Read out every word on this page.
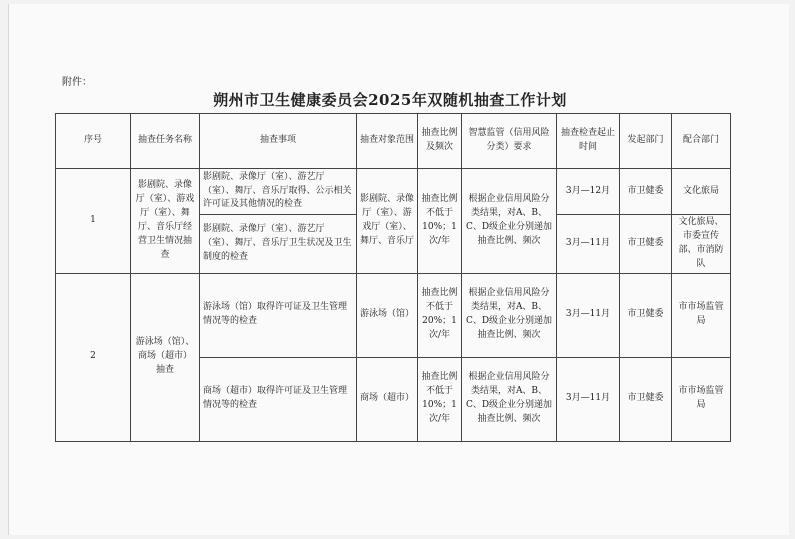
附件：
朔州市卫生健康委员会2025年双随机抽查工作计划
序号	抽查任务名称	抽查事项	抽查对象范围	抽查比例及频次	智慧监管（信用风险分类）要求	抽查检查起止时间	发起部门	配合部门
1	影剧院、录像厅（室）、游戏厅（室）、舞厅、音乐厅经营卫生情况抽查	影剧院、录像厅（室）、游艺厅（室）、舞厅、音乐厅取得、公示相关许可证及其他情况的检查	影剧院、录像厅（室）、游戏厅（室）、舞厅、音乐厅	抽查比例不低于10%；1次/年	根据企业信用风险分类结果，对A、B、C、D级企业分别递加抽查比例、频次	3月—12月	市卫健委	文化旅局
		影剧院、录像厅（室）、游艺厅（室）、舞厅、音乐厅卫生状况及卫生制度的检查				3月—11月	市卫健委	文化旅局、市委宣传部、市消防队
2	游泳场（馆）、商场（超市）抽查	游泳场（馆）取得许可证及卫生管理情况等的检查	游泳场（馆）	抽查比例不低于20%；1次/年	根据企业信用风险分类结果，对A、B、C、D级企业分别递加抽查比例、频次	3月—11月	市卫健委	市市场监管局
		商场（超市）取得许可证及卫生管理情况等的检查	商场（超市）	抽查比例不低于10%；1次/年	根据企业信用风险分类结果，对A、B、C、D级企业分别递加抽查比例、频次	3月—11月	市卫健委	市市场监管局
